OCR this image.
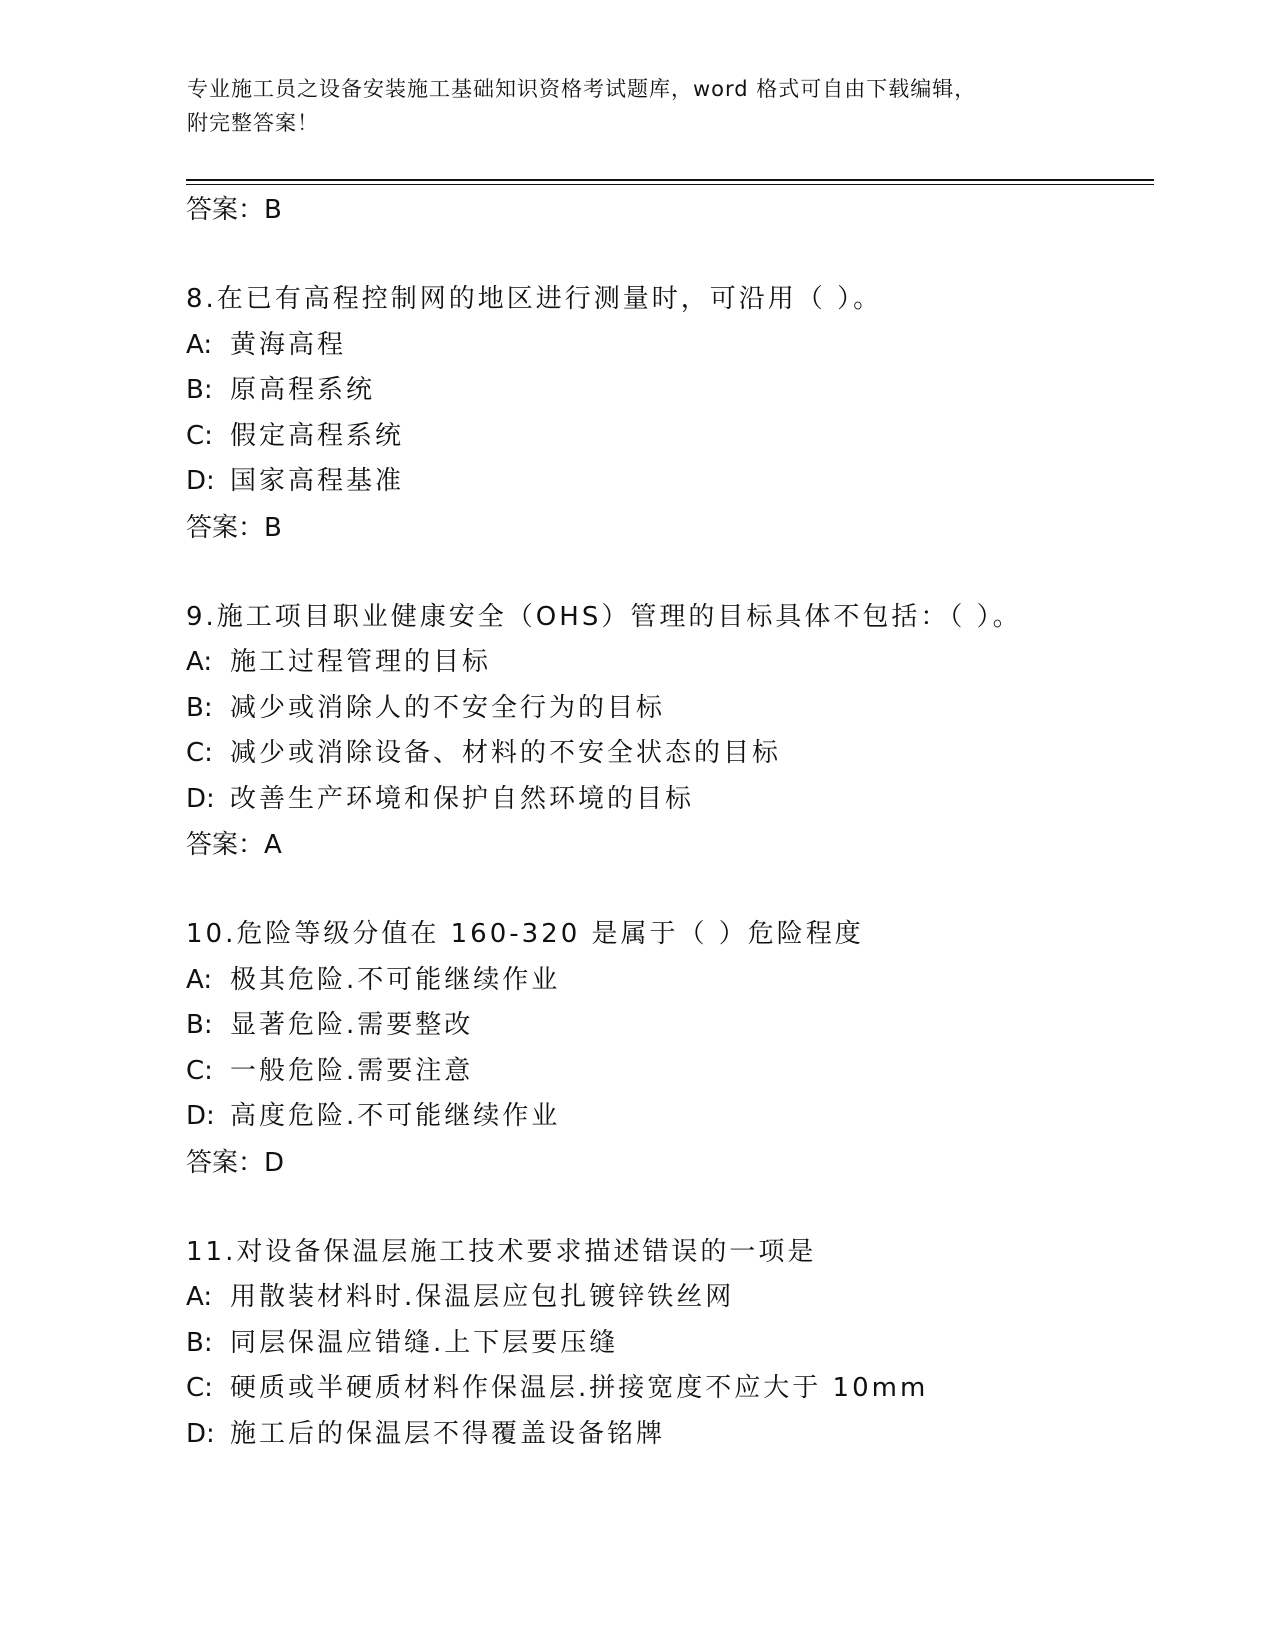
专业施工员之设备安装施工基础知识资格考试题库，word 格式可自由下载编辑，
附完整答案！
答案：B
8.在已有高程控制网的地区进行测量时，可沿用（ ）。
A: 黄海高程
B: 原高程系统
C: 假定高程系统
D: 国家高程基准
答案：B
9.施工项目职业健康安全（OHS）管理的目标具体不包括：（ ）。
A: 施工过程管理的目标
B: 减少或消除人的不安全行为的目标
C: 减少或消除设备、材料的不安全状态的目标
D: 改善生产环境和保护自然环境的目标
答案：A
10.危险等级分值在 160-320 是属于（ ）危险程度
A: 极其危险.不可能继续作业
B: 显著危险.需要整改
C: 一般危险.需要注意
D: 高度危险.不可能继续作业
答案：D
11.对设备保温层施工技术要求描述错误的一项是
A: 用散装材料时.保温层应包扎镀锌铁丝网
B: 同层保温应错缝.上下层要压缝
C: 硬质或半硬质材料作保温层.拼接宽度不应大于 10mm
D: 施工后的保温层不得覆盖设备铭牌
